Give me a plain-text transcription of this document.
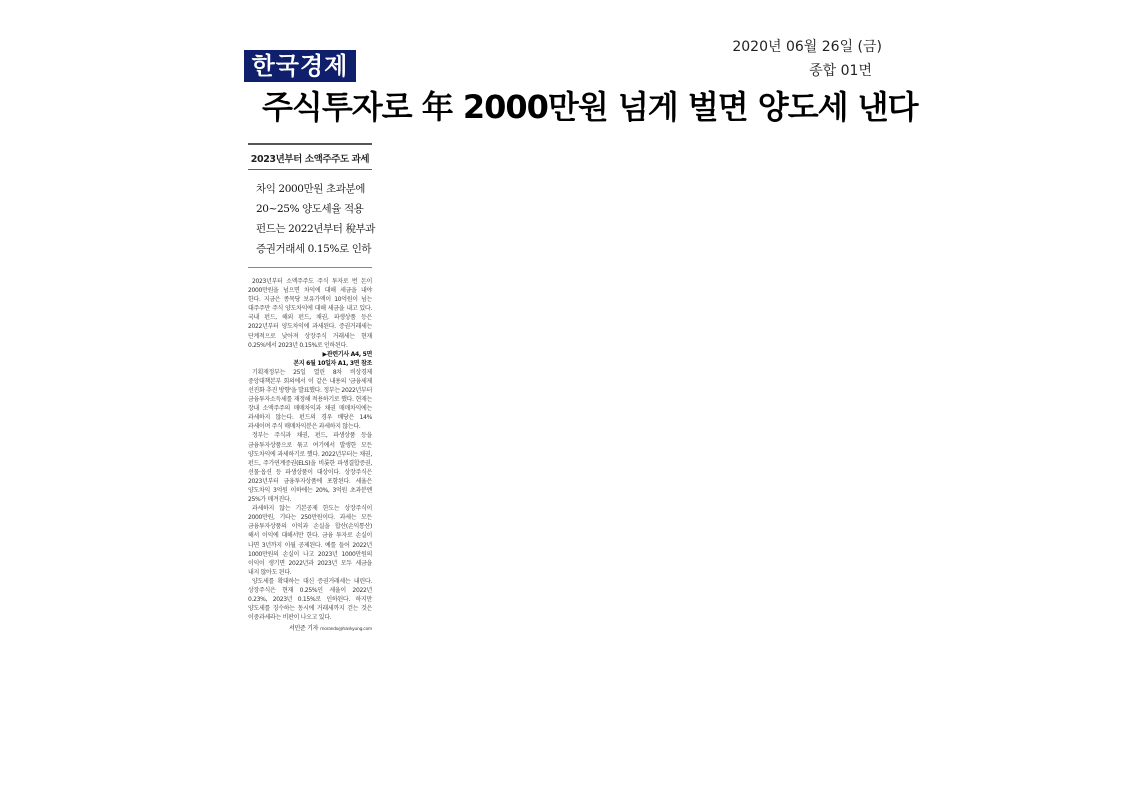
한국경제
2020년 06월 26일 (금)
종합 01면
주식투자로 年 2000만원 넘게 벌면 양도세 낸다
2023년부터 소액주주도 과세
차익 2000만원 초과분에
20~25% 양도세율 적용
펀드는 2022년부터 稅부과
증권거래세 0.15%로 인하

2023년부터 소액주주도 주식 투자로 번 돈이 2000만원을 넘으면 차익에 대해 세금을 내야 한다. 지금은 종목당 보유가액이 10억원이 넘는 대주주만 주식 양도차익에 대해 세금을 내고 있다. 국내 펀드, 해외 펀드, 채권, 파생상품 등은 2022년부터 양도차익에 과세된다. 증권거래세는 단계적으로 낮아져 상장주식 거래세는 현재 0.25%에서 2023년 0.15%로 인하된다.

▶관련기사 A4, 5면
본지 6월 10일자 A1, 3면 참조

기획재정부는 25일 열린 8차 비상경제 중앙대책본부 회의에서 이 같은 내용의 '금융세제 선진화 추진 방향'을 발표했다. 정부는 2022년부터 금융투자소득세를 재정해 적용하기로 했다. 현재는 장내 소액주주의 매매차익과 채권 매매차익에는 과세하지 않는다. 펀드의 경우 배당은 14% 과세이며 주식 매매차익분은 과세하지 않는다.

정부는 주식과 채권, 펀드, 파생상품 등을 금융투자상품으로 묶고 여기에서 발생한 모든 양도차익에 과세하기로 했다. 2022년부터는 채권, 펀드, 주가연계증권(ELS)을 비롯한 파생결합증권, 선물·옵션 등 파생상품이 대상이다. 상장주식은 2023년부터 금융투자상품에 포함된다. 세율은 양도차익 3억원 이하에는 20%, 3억원 초과분엔 25%가 매겨진다.

과세하지 않는 기본공제 한도는 상장주식이 2000만원, 기타는 250만원이다. 과세는 모든 금융투자상품의 이익과 손실을 합산(손익통산)해서 이익에 대해서만 한다. 금융 투자로 손실이 나면 3년까지 이월 공제된다. 예를 들어 2022년 1000만원의 손실이 나고 2023년 1000만원의 이익이 생기면 2022년과 2023년 모두 세금을 내지 않아도 된다.

양도세를 확대하는 대신 증권거래세는 내린다. 상장주식은 현재 0.25%인 세율이 2022년 0.23%, 2023년 0.15%로 인하된다. 하지만 양도세를 징수하는 동시에 거래세까지 걷는 것은 이중과세라는 비판이 나오고 있다.

서민준 기자 morando@hankyung.com
